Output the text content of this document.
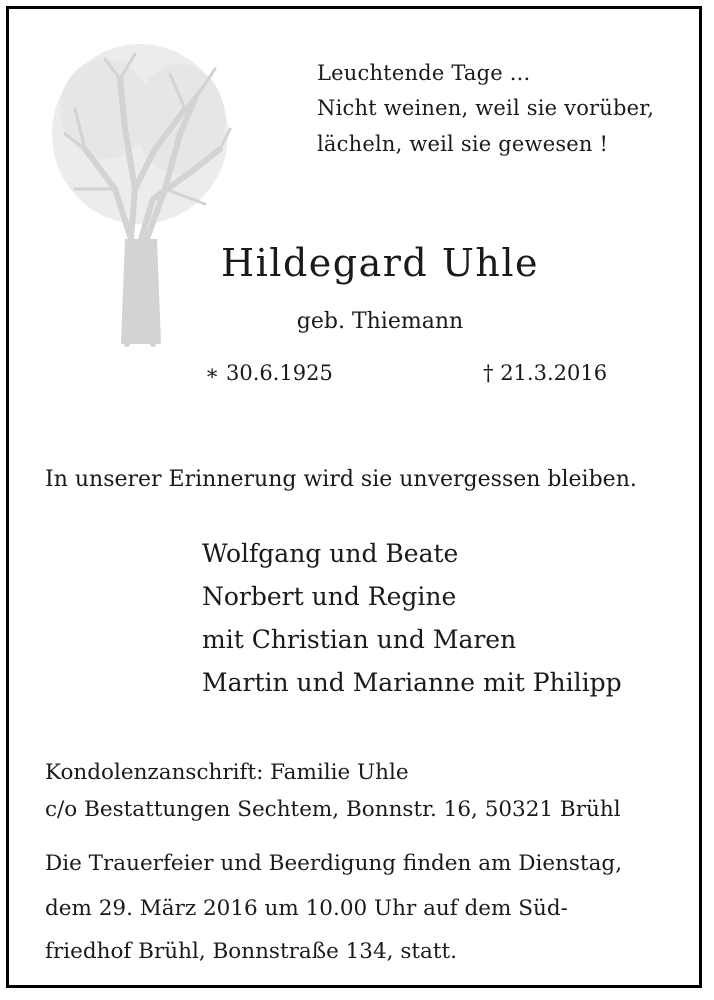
Leuchtende Tage ...
Nicht weinen, weil sie vorüber,
lächeln, weil sie gewesen !
Hildegard Uhle
geb. Thiemann
∗ 30.6.1925	† 21.3.2016
In unserer Erinnerung wird sie unvergessen bleiben.
Wolfgang und Beate
Norbert und Regine
mit Christian und Maren
Martin und Marianne mit Philipp
Kondolenzanschrift: Familie Uhle
c/o Bestattungen Sechtem, Bonnstr. 16, 50321 Brühl
Die Trauerfeier und Beerdigung finden am Dienstag,
dem 29. März 2016 um 10.00 Uhr auf dem Süd-
friedhof Brühl, Bonnstraße 134, statt.
